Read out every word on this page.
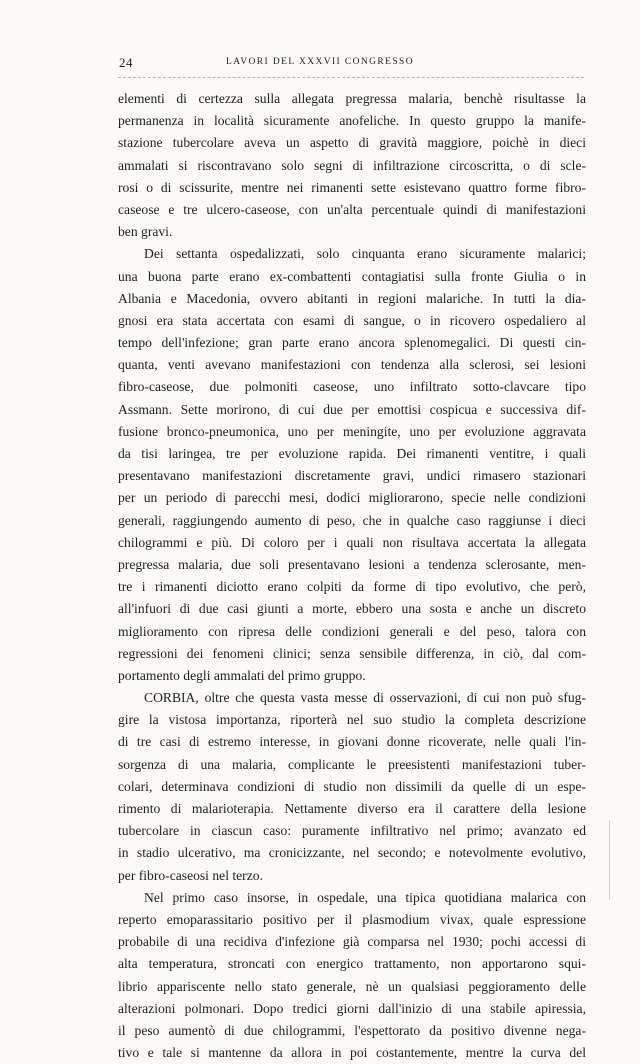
24	LAVORI DEL XXXVII CONGRESSO
elementi di certezza sulla allegata pregressa malaria, benchè risultasse la
permanenza in località sicuramente anofeliche. In questo gruppo la manife-
stazione tubercolare aveva un aspetto di gravità maggiore, poichè in dieci
ammalati si riscontravano solo segni di infiltrazione circoscritta, o di scle-
rosi o di scissurite, mentre nei rimanenti sette esistevano quattro forme fibro-
caseose e tre ulcero-caseose, con un'alta percentuale quindi di manifestazioni
ben gravi.
Dei settanta ospedalizzati, solo cinquanta erano sicuramente malarici;
una buona parte erano ex-combattenti contagiatisi sulla fronte Giulia o in
Albania e Macedonia, ovvero abitanti in regioni malariche. In tutti la dia-
gnosi era stata accertata con esami di sangue, o in ricovero ospedaliero al
tempo dell'infezione; gran parte erano ancora splenomegalici. Di questi cin-
quanta, venti avevano manifestazioni con tendenza alla sclerosi, sei lesioni
fibro-caseose, due polmoniti caseose, uno infiltrato sotto-clavcare tipo
Assmann. Sette morirono, di cui due per emottisi cospicua e successiva dif-
fusione bronco-pneumonica, uno per meningite, uno per evoluzione aggravata
da tisi laringea, tre per evoluzione rapida. Dei rimanenti ventitre, i quali
presentavano manifestazioni discretamente gravi, undici rimasero stazionari
per un periodo di parecchi mesi, dodici migliorarono, specie nelle condizioni
generali, raggiungendo aumento di peso, che in qualche caso raggiunse i dieci
chilogrammi e più. Di coloro per i quali non risultava accertata la allegata
pregressa malaria, due soli presentavano lesioni a tendenza sclerosante, men-
tre i rimanenti diciotto erano colpiti da forme di tipo evolutivo, che però,
all'infuori di due casi giunti a morte, ebbero una sosta e anche un discreto
miglioramento con ripresa delle condizioni generali e del peso, talora con
regressioni dei fenomeni clinici; senza sensibile differenza, in ciò, dal com-
portamento degli ammalati del primo gruppo.
CORBIA, oltre che questa vasta messe di osservazioni, di cui non può sfug-
gire la vistosa importanza, riporterà nel suo studio la completa descrizione
di tre casi di estremo interesse, in giovani donne ricoverate, nelle quali l'in-
sorgenza di una malaria, complicante le preesistenti manifestazioni tuber-
colari, determinava condizioni di studio non dissimili da quelle di un espe-
rimento di malarioterapia. Nettamente diverso era il carattere della lesione
tubercolare in ciascun caso: puramente infiltrativo nel primo; avanzato ed
in stadio ulcerativo, ma cronicizzante, nel secondo; e notevolmente evolutivo,
per fibro-caseosi nel terzo.
Nel primo caso insorse, in ospedale, una tipica quotidiana malarica con
reperto emoparassitario positivo per il plasmodium vivax, quale espressione
probabile di una recidiva d'infezione già comparsa nel 1930; pochi accessi di
alta temperatura, stroncati con energico trattamento, non apportarono squi-
librio appariscente nello stato generale, nè un qualsiasi peggioramento delle
alterazioni polmonari. Dopo tredici giorni dall'inizio di una stabile apiressia,
il peso aumentò di due chilogrammi, l'espettorato da positivo divenne nega-
tivo e tale si mantenne da allora in poi costantemente, mentre la curva del
